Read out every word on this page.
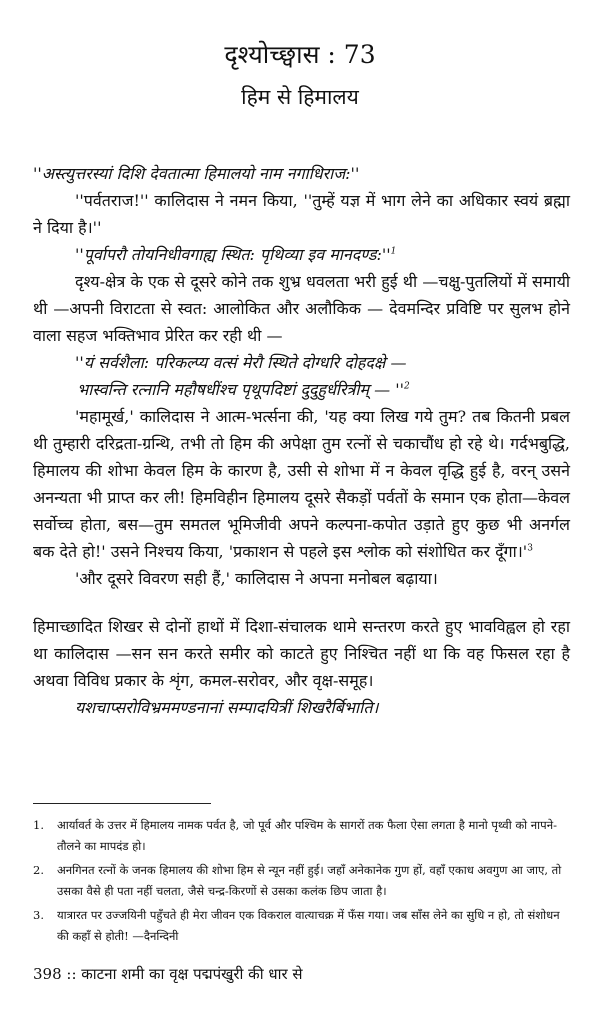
दृश्योच्छ्वास : 73
हिम से हिमालय

''अस्त्युत्तरस्यां दिशि देवतात्मा हिमालयो नाम नगाधिराज:''

''पर्वतराज!'' कालिदास ने नमन किया, ''तुम्हें यज्ञ में भाग लेने का अधिकार स्वयं ब्रह्मा ने दिया है।''

''पूर्वापरौ तोयनिधीवगाह्य स्थित: पृथिव्या इव $मानदण्ड:''^1$

दृश्य-क्षेत्र के एक से दूसरे कोने तक शुभ्र धवलता भरी हुई थी —चक्षु-पुतलियों में समायी थी —अपनी विराटता से स्वत: आलोकित और अलौकिक — देवमन्दिर प्रविष्टि पर सुलभ होने वाला सहज भक्तिभाव प्रेरित कर रही थी —

''यं सर्वशैला: परिकल्प्य वत्सं मेरौ स्थिते दोग्धरि दोहदक्षे —

भास्वन्ति रत्नानि महौषधींश्च पृथूपदिष्टां दुदुहुर्धरित्रीम् — ''$^2$

'महामूर्ख,' कालिदास ने आत्म-भर्त्सना की, 'यह क्या लिख गये तुम? तब कितनी प्रबल थी तुम्हारी दरिद्रता-ग्रन्थि, तभी तो हिम की अपेक्षा तुम रत्नों से चकाचौंध हो रहे थे। गर्दभबुद्धि, हिमालय की शोभा केवल हिम के कारण है, उसी से शोभा में न केवल वृद्धि हुई है, वरन् उसने अनन्यता भी प्राप्त कर ली! हिमविहीन हिमालय दूसरे सैकड़ों पर्वतों के समान एक होता—केवल सर्वोच्च होता, बस—तुम समतल भूमिजीवी अपने कल्पना-कपोत उड़ाते हुए कुछ भी अनर्गल बक देते हो!' उसने निश्चय किया, 'प्रकाशन से पहले इस श्लोक को संशोधित कर $दूँगा।'^3$

'और दूसरे विवरण सही हैं,' कालिदास ने अपना मनोबल बढ़ाया।

हिमाच्छादित शिखर से दोनों हाथों में दिशा-संचालक थामे सन्तरण करते हुए भावविह्वल हो रहा था कालिदास —सन सन करते समीर को काटते हुए निश्चित नहीं था कि वह फिसल रहा है अथवा विविध प्रकार के शृंग, कमल-सरोवर, और वृक्ष-समूह।

यशचाप्सरोविभ्रममण्डनानां सम्पादयित्रीं शिखरैर्बिभाति।

1.	आर्यावर्त के उत्तर में हिमालय नामक पर्वत है, जो पूर्व और पश्चिम के सागरों तक फैला ऐसा लगता है मानो पृथ्वी को नापने-तौलने का मापदंड हो।
2.	अनगिनत रत्नों के जनक हिमालय की शोभा हिम से न्यून नहीं हुई। जहाँ अनेकानेक गुण हों, वहाँ एकाध अवगुण आ जाए, तो उसका वैसे ही पता नहीं चलता, जैसे चन्द्र-किरणों से उसका कलंक छिप जाता है।
3.	यात्रारत पर उज्जयिनी पहुँचते ही मेरा जीवन एक विकराल वात्याचक्र में फँस गया। जब साँस लेने का सुधि न हो, तो संशोधन की कहाँ से होती! —दैनन्दिनी
398 :: काटना शमी का वृक्ष पद्मपंखुरी की धार से
